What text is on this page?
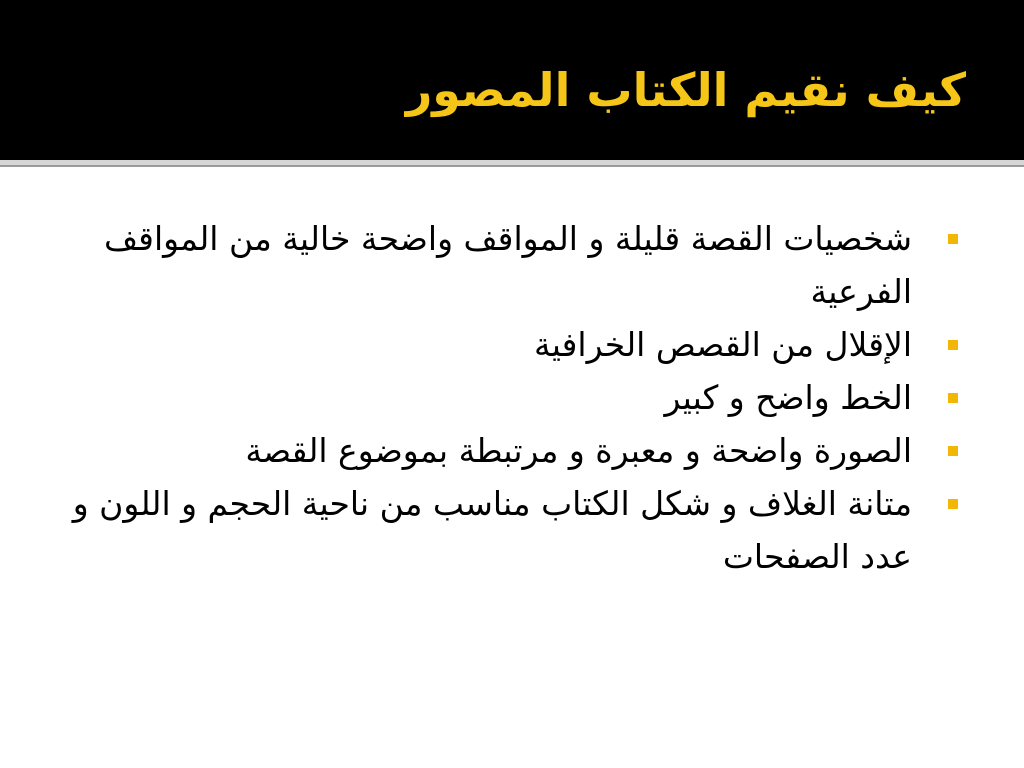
كيف نقيم الكتاب المصور
شخصيات القصة قليلة و المواقف واضحة خالية من المواقف الفرعية
الإقلال من القصص الخرافية
الخط واضح و كبير
الصورة واضحة و معبرة و مرتبطة بموضوع القصة
متانة الغلاف و شكل الكتاب مناسب من ناحية الحجم و اللون و عدد الصفحات
